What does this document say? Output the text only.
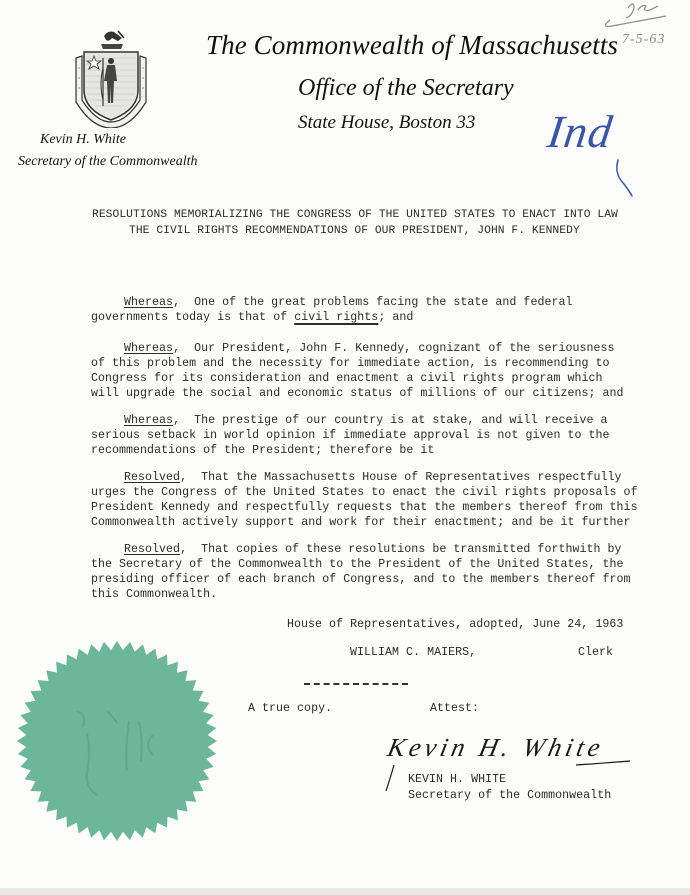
Kevin H. White
Secretary of the Commonwealth
The Commonwealth of Massachusetts
Office of the Secretary
State House, Boston 33
7-5-63
Ind
RESOLUTIONS MEMORIALIZING THE CONGRESS OF THE UNITED STATES TO ENACT INTO LAW
THE CIVIL RIGHTS RECOMMENDATIONS OF OUR PRESIDENT, JOHN F. KENNEDY

Whereas,  One of the great problems facing the state and federal

governments today is that of civil rights; and

Whereas,  Our President, John F. Kennedy, cognizant of the seriousness

of this problem and the necessity for immediate action, is recommending to

Congress for its consideration and enactment a civil rights program which

will upgrade the social and economic status of millions of our citizens; and

Whereas,  The prestige of our country is at stake, and will receive a

serious setback in world opinion if immediate approval is not given to the

recommendations of the President; therefore be it

Resolved,  That the Massachusetts House of Representatives respectfully

urges the Congress of the United States to enact the civil rights proposals of

President Kennedy and respectfully requests that the members thereof from this

Commonwealth actively support and work for their enactment; and be it further

Resolved,  That copies of these resolutions be transmitted forthwith by

the Secretary of the Commonwealth to the President of the United States, the

presiding officer of each branch of Congress, and to the members thereof from

this Commonwealth.

House of Representatives, adopted, June 24, 1963
WILLIAM C. MAIERS,	Clerk
A true copy.	Attest:
Kevin H. White
KEVIN H. WHITE
Secretary of the Commonwealth
